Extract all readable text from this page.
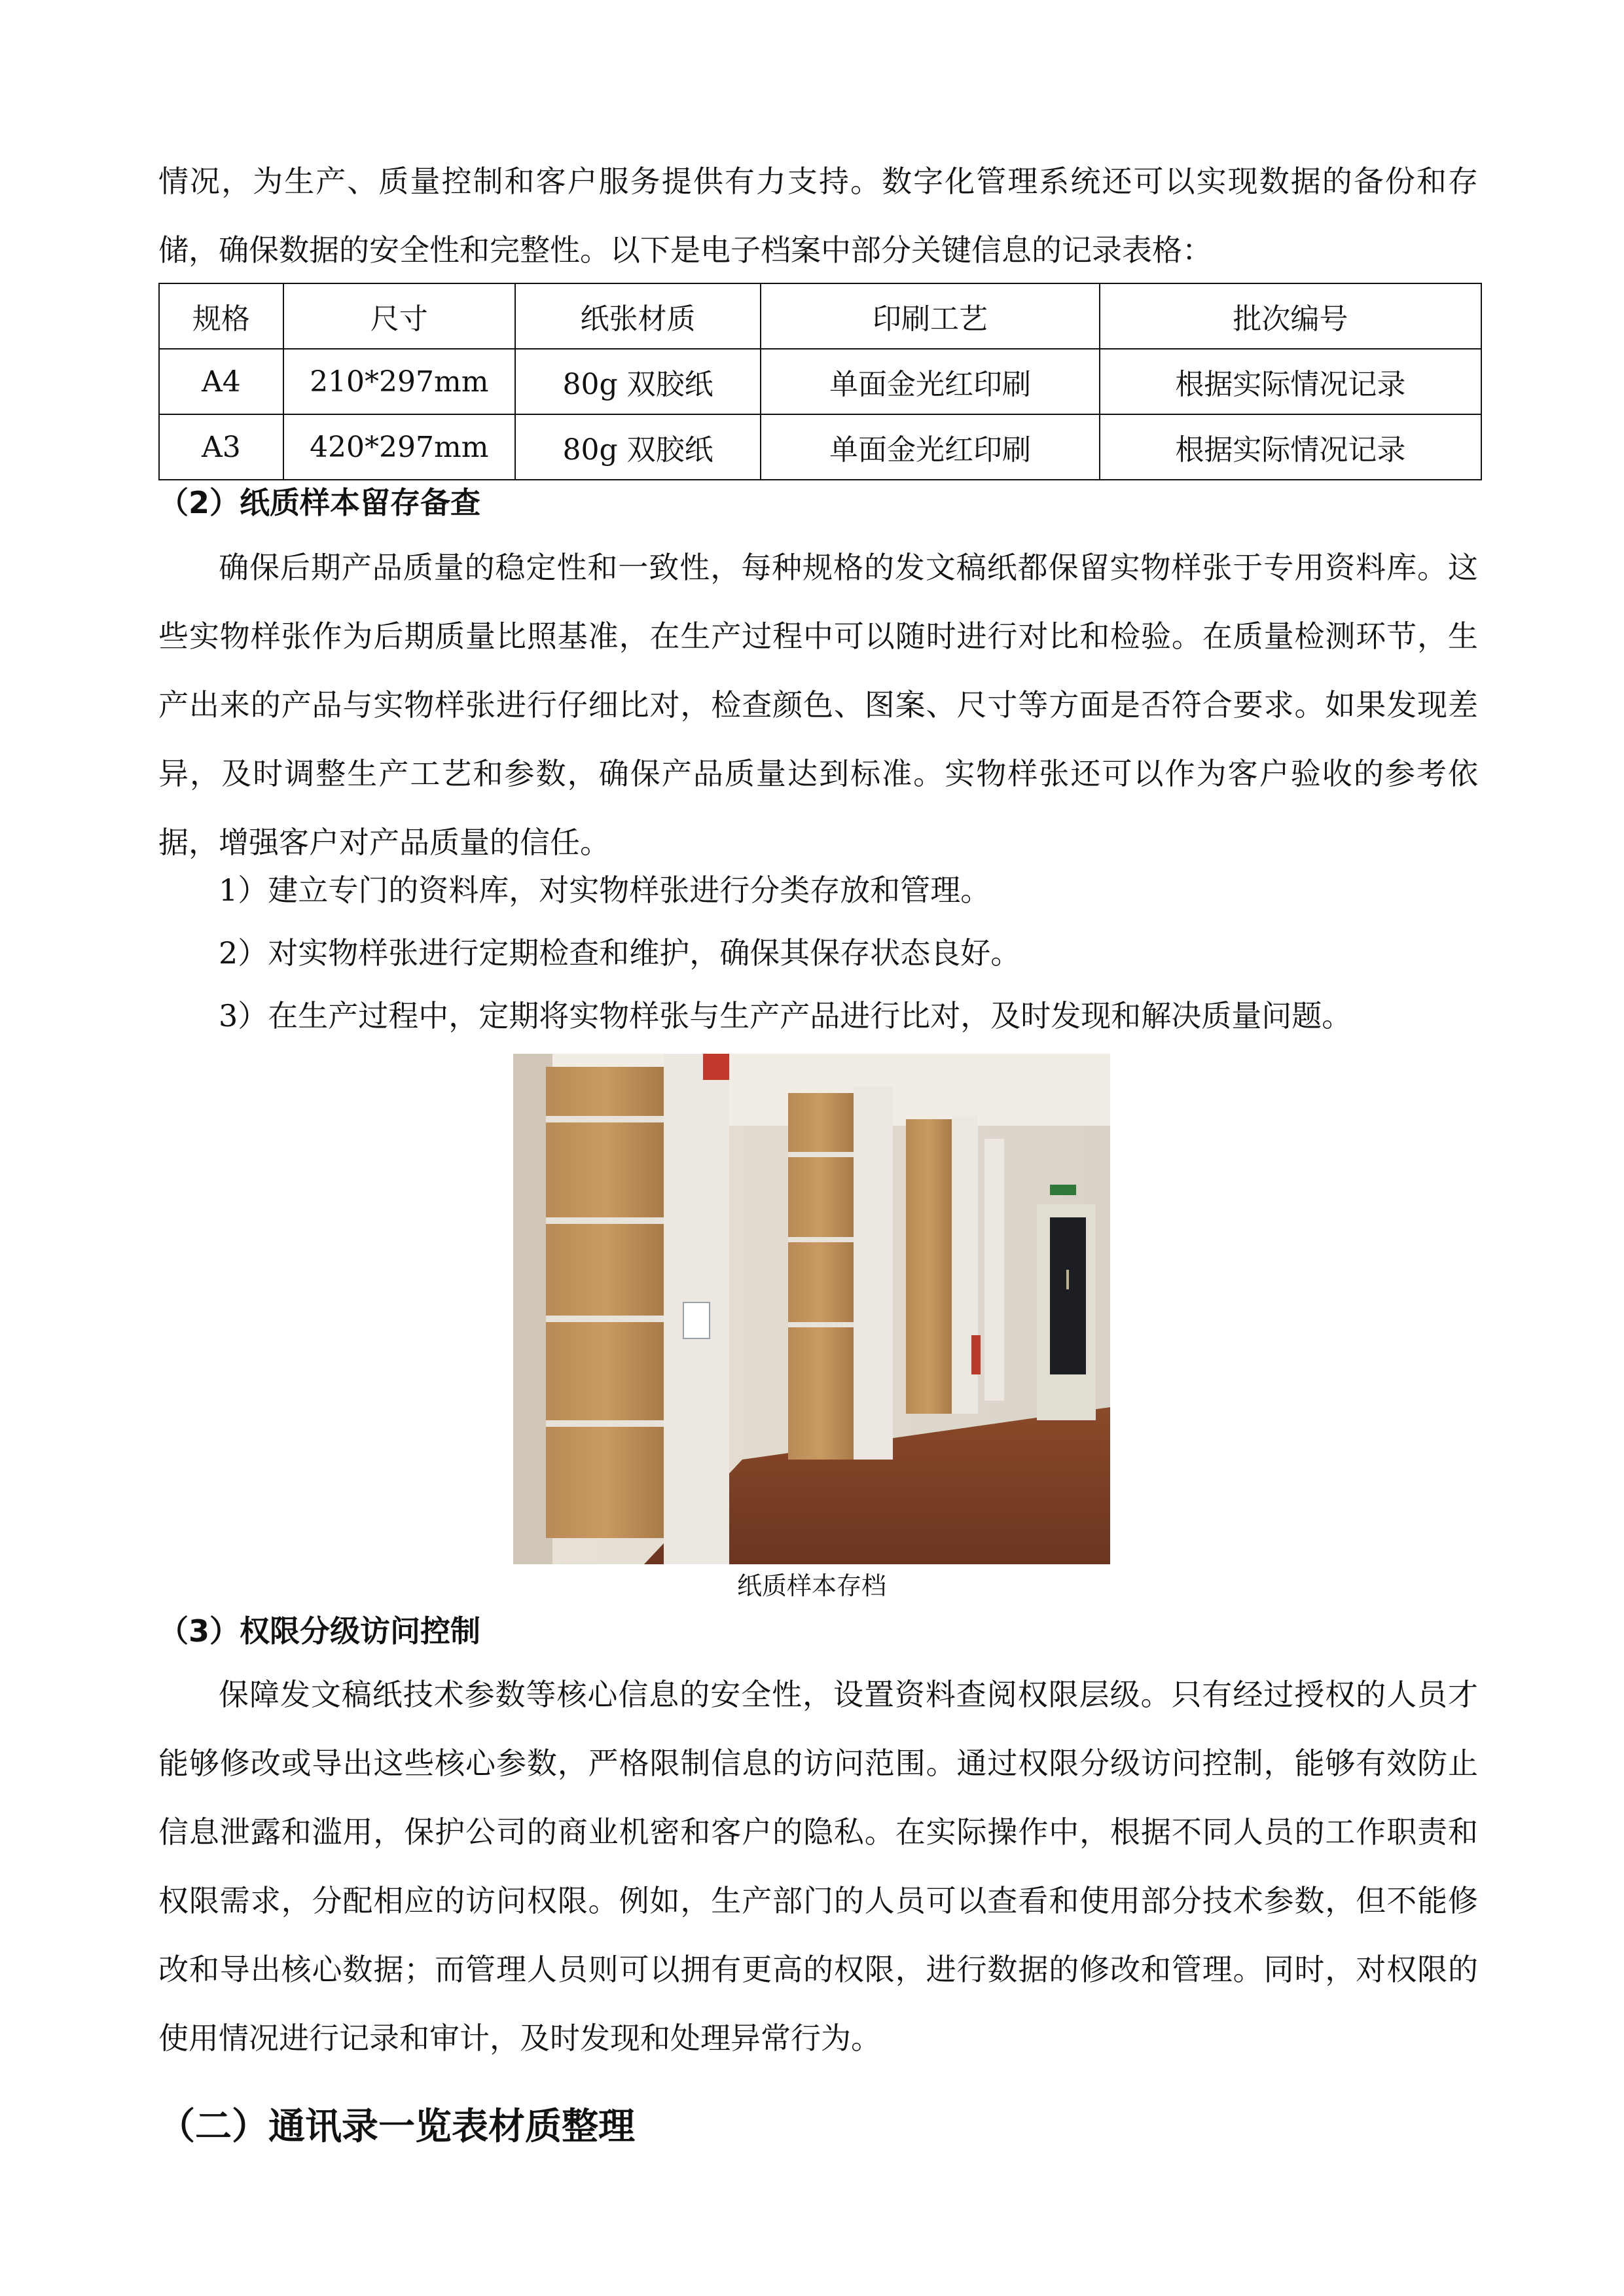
情况，为生产、质量控制和客户服务提供有力支持。数字化管理系统还可以实现数据的备份和存储，确保数据的安全性和完整性。以下是电子档案中部分关键信息的记录表格：

规格	尺寸	纸张材质	印刷工艺	批次编号
A4	210*297mm	80g 双胶纸	单面金光红印刷	根据实际情况记录
A3	420*297mm	80g 双胶纸	单面金光红印刷	根据实际情况记录
（2）纸质样本留存备查

确保后期产品质量的稳定性和一致性，每种规格的发文稿纸都保留实物样张于专用资料库。这些实物样张作为后期质量比照基准，在生产过程中可以随时进行对比和检验。在质量检测环节，生产出来的产品与实物样张进行仔细比对，检查颜色、图案、尺寸等方面是否符合要求。如果发现差异，及时调整生产工艺和参数，确保产品质量达到标准。实物样张还可以作为客户验收的参考依据，增强客户对产品质量的信任。

1）建立专门的资料库，对实物样张进行分类存放和管理。

2）对实物样张进行定期检查和维护，确保其保存状态良好。

3）在生产过程中，定期将实物样张与生产产品进行比对，及时发现和解决质量问题。

纸质样本存档

（3）权限分级访问控制

保障发文稿纸技术参数等核心信息的安全性，设置资料查阅权限层级。只有经过授权的人员才能够修改或导出这些核心参数，严格限制信息的访问范围。通过权限分级访问控制，能够有效防止信息泄露和滥用，保护公司的商业机密和客户的隐私。在实际操作中，根据不同人员的工作职责和权限需求，分配相应的访问权限。例如，生产部门的人员可以查看和使用部分技术参数，但不能修改和导出核心数据；而管理人员则可以拥有更高的权限，进行数据的修改和管理。同时，对权限的使用情况进行记录和审计，及时发现和处理异常行为。

（二）通讯录一览表材质整理
